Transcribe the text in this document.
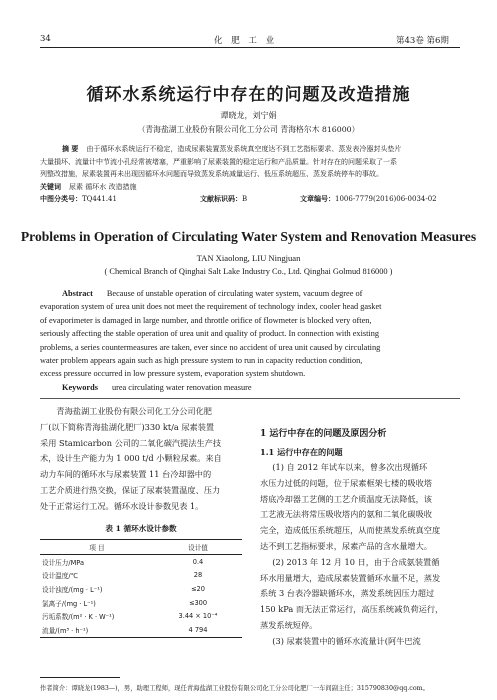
34	化 肥 工 业	第43卷 第6期
循环水系统运行中存在的问题及改造措施
谭晓龙，刘宁娟
（青海盐湖工业股份有限公司化工分公司 青海格尔木 816000）
摘 要 由于循环水系统运行不稳定，造成尿素装置蒸发系统真空度达不到工艺指标要求、蒸发表冷器封头垫片
大量損坏、流量计中节流小孔经常被堵塞，严重影响了尿素装置的稳定运行和产品质量。针对存在的问题采取了一系
列整改措施，尿素装置再未出现因循环水问题而导致蒸发系统减量运行、低压系统超压、蒸发系统停车的事故。
关键词 尿素 循环水 改造措施
中图分类号：TQ441.41	文献标识码：B	文章编号：1006-7779(2016)06-0034-02
Problems in Operation of Circulating Water System and Renovation Measures
TAN Xiaolong, LIU Ningjuan
( Chemical Branch of Qinghai Salt Lake Industry Co., Ltd. Qinghai Golmud 816000 )
Abstract Because of unstable operation of circulating water system, vacuum degree of
evaporation system of urea unit does not meet the requirement of technology index, cooler head gasket
of evaporimeter is damaged in large number, and throttle orifice of flowmeter is blocked very often,
seriously affecting the stable operation of urea unit and quality of product. In connection with existing
problems, a series countermeasures are taken, ever since no accident of urea unit caused by circulating
water problem appears again such as high pressure system to run in capacity reduction condition,
excess pressure occurred in low pressure system, evaporation system shutdown.
Keywords urea circulating water renovation measure
青海盐湖工业股份有限公司化工分公司化肥
厂(以下简称青海盐湖化肥厂)330 kt/a 尿素装置
采用 Stamicarbon 公司的二氧化碳汽提法生产技
术，设计生产能力为 1 000 t/d 小颗粒尿素。来自
动力车间的循环水与尿素装置 11 台冷却器中的
工艺介质进行热交换，保证了尿素装置温度、压力
处于正常运行工况。循环水设计参数见表 1。
表 1 循环水设计参数
项 目	设计值
设计压力/MPa	0.4
设计温度/℃	28
设计浊度/(mg · L⁻¹)	≤20
氯离子/(mg · L⁻¹)	≤300
污垢系数/(m² · K · W⁻¹)	3.44 × 10⁻⁴
流量/(m³ · h⁻¹)	4 794
1 运行中存在的问题及原因分析
1.1 运行中存在的问题
(1) 自 2012 年试车以来，曾多次出现循环
水压力过低的问题，位于尿素框架七楼的吸收塔
塔底冷却器工艺侧的工艺介质温度无法降低，该
工艺液无法将常压吸收塔内的氨和二氧化碳吸收
完全，造成低压系统超压，从而使蒸发系统真空度
达不到工艺指标要求，尿素产品的含水量增大。
(2) 2013 年 12 月 10 日，由于合成氨装置循
环水用量增大，造成尿素装置循环水量不足，蒸发
系统 3 台表冷器缺循环水，蒸发系统因压力超过
150 kPa 而无法正常运行，高压系统减负荷运行，
蒸发系统短停。
(3) 尿素装置中的循环水流量计(阿牛巴流
作者简介：谭晓龙(1983—)，男，助理工程师，现任青海盐湖工业股份有限公司化工分公司化肥厂一车间副主任；315790830@qq.com。
